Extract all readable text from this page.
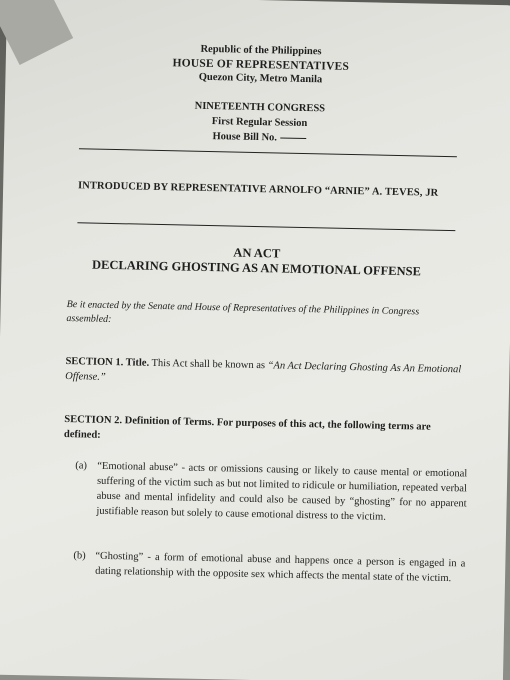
Republic of the Philippines
HOUSE OF REPRESENTATIVES
Quezon City, Metro Manila
NINETEENTH CONGRESS
First Regular Session
House Bill No.
INTRODUCED BY REPRESENTATIVE ARNOLFO “ARNIE” A. TEVES, JR
AN ACT
DECLARING GHOSTING AS AN EMOTIONAL OFFENSE
Be it enacted by the Senate and House of Representatives of the Philippines in Congress assembled:
SECTION 1. Title. This Act shall be known as “An Act Declaring Ghosting As An Emotional Offense.”
SECTION 2. Definition of Terms. For purposes of this act, the following terms are defined:
(a) “Emotional abuse” - acts or omissions causing or likely to cause mental or emotional suffering of the victim such as but not limited to ridicule or humiliation, repeated verbal abuse and mental infidelity and could also be caused by “ghosting” for no apparent justifiable reason but solely to cause emotional distress to the victim.
(b) “Ghosting” - a form of emotional abuse and happens once a person is engaged in a dating relationship with the opposite sex which affects the mental state of the victim.
